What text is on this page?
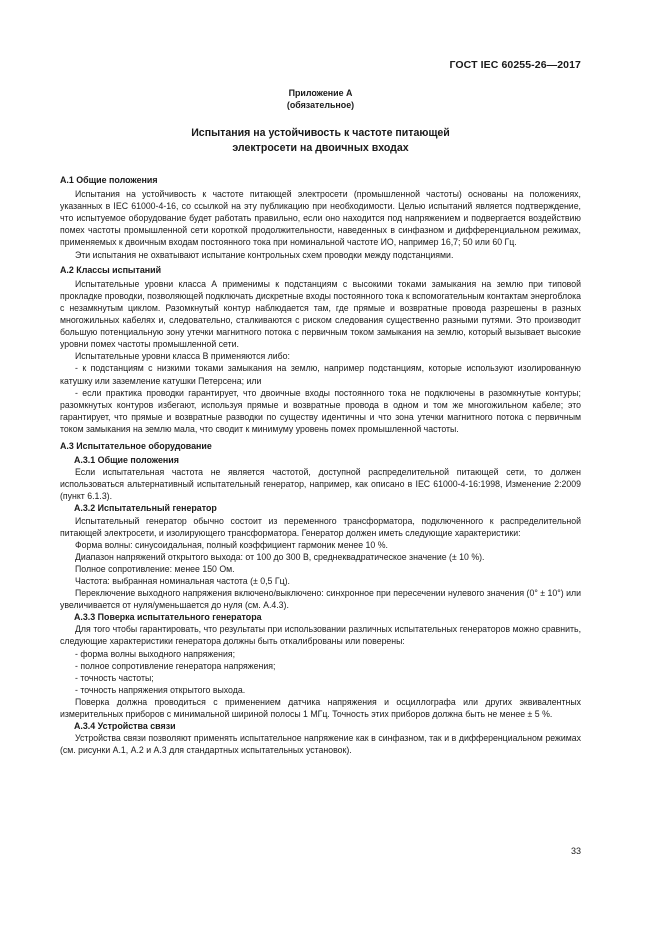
ГОСТ IEC 60255-26—2017
Приложение А
(обязательное)
Испытания на устойчивость к частоте питающей
электросети на двоичных входах
А.1 Общие положения

Испытания на устойчивость к частоте питающей электросети (промышленной частоты) основаны на положениях, указанных в IEC 61000-4-16, со ссылкой на эту публикацию при необходимости. Целью испытаний является подтверждение, что испытуемое оборудование будет работать правильно, если оно находится под напряжением и подвергается воздействию помех частоты промышленной сети короткой продолжительности, наведенных в синфазном и дифференциальном режимах, применяемых к двоичным входам постоянного тока при номинальной частоте ИО, например 16,7; 50 или 60 Гц.

Эти испытания не охватывают испытание контрольных схем проводки между подстанциями.

А.2 Классы испытаний

Испытательные уровни класса А применимы к подстанциям с высокими токами замыкания на землю при типовой прокладке проводки, позволяющей подключать дискретные входы постоянного тока к вспомогательным контактам энергоблока с незамкнутым циклом. Разомкнутый контур наблюдается там, где прямые и возвратные провода разрешены в разных многожильных кабелях и, следовательно, сталкиваются с риском следования существенно разными путями. Это производит большую потенциальную зону утечки магнитного потока с первичным током замыкания на землю, который вызывает высокие уровни помех частоты промышленной сети.

Испытательные уровни класса В применяются либо:

- к подстанциям с низкими токами замыкания на землю, например подстанциям, которые используют изолированную катушку или заземление катушки Петерсена; или

- если практика проводки гарантирует, что двоичные входы постоянного тока не подключены в разомкнутые контуры; разомкнутых контуров избегают, используя прямые и возвратные провода в одном и том же многожильном кабеле; это гарантирует, что прямые и возвратные разводки по существу идентичны и что зона утечки магнитного потока с первичным током замыкания на землю мала, что сводит к минимуму уровень помех промышленной частоты.

А.3 Испытательное оборудование
А.3.1 Общие положения

Если испытательная частота не является частотой, доступной распределительной питающей сети, то должен использоваться альтернативный испытательный генератор, например, как описано в IEC 61000-4-16:1998, Изменение 2:2009 (пункт 6.1.3).

А.3.2 Испытательный генератор

Испытательный генератор обычно состоит из переменного трансформатора, подключенного к распределительной питающей электросети, и изолирующего трансформатора. Генератор должен иметь следующие характеристики:

Форма волны: синусоидальная, полный коэффициент гармоник менее 10 %.

Диапазон напряжений открытого выхода: от 100 до 300 В, среднеквадратическое значение (± 10 %).

Полное сопротивление: менее 150 Ом.

Частота: выбранная номинальная частота (± 0,5 Гц).

Переключение выходного напряжения включено/выключено: синхронное при пересечении нулевого значения (0° ± 10°) или увеличивается от нуля/уменьшается до нуля (см. А.4.3).

А.3.3 Поверка испытательного генератора

Для того чтобы гарантировать, что результаты при использовании различных испытательных генераторов можно сравнить, следующие характеристики генератора должны быть откалиброваны или поверены:

- форма волны выходного напряжения;

- полное сопротивление генератора напряжения;

- точность частоты;

- точность напряжения открытого выхода.

Поверка должна проводиться с применением датчика напряжения и осциллографа или других эквивалентных измерительных приборов с минимальной шириной полосы 1 МГц. Точность этих приборов должна быть не менее ± 5 %.

А.3.4 Устройства связи

Устройства связи позволяют применять испытательное напряжение как в синфазном, так и в дифференциальном режимах (см. рисунки А.1, А.2 и А.3 для стандартных испытательных установок).

33
